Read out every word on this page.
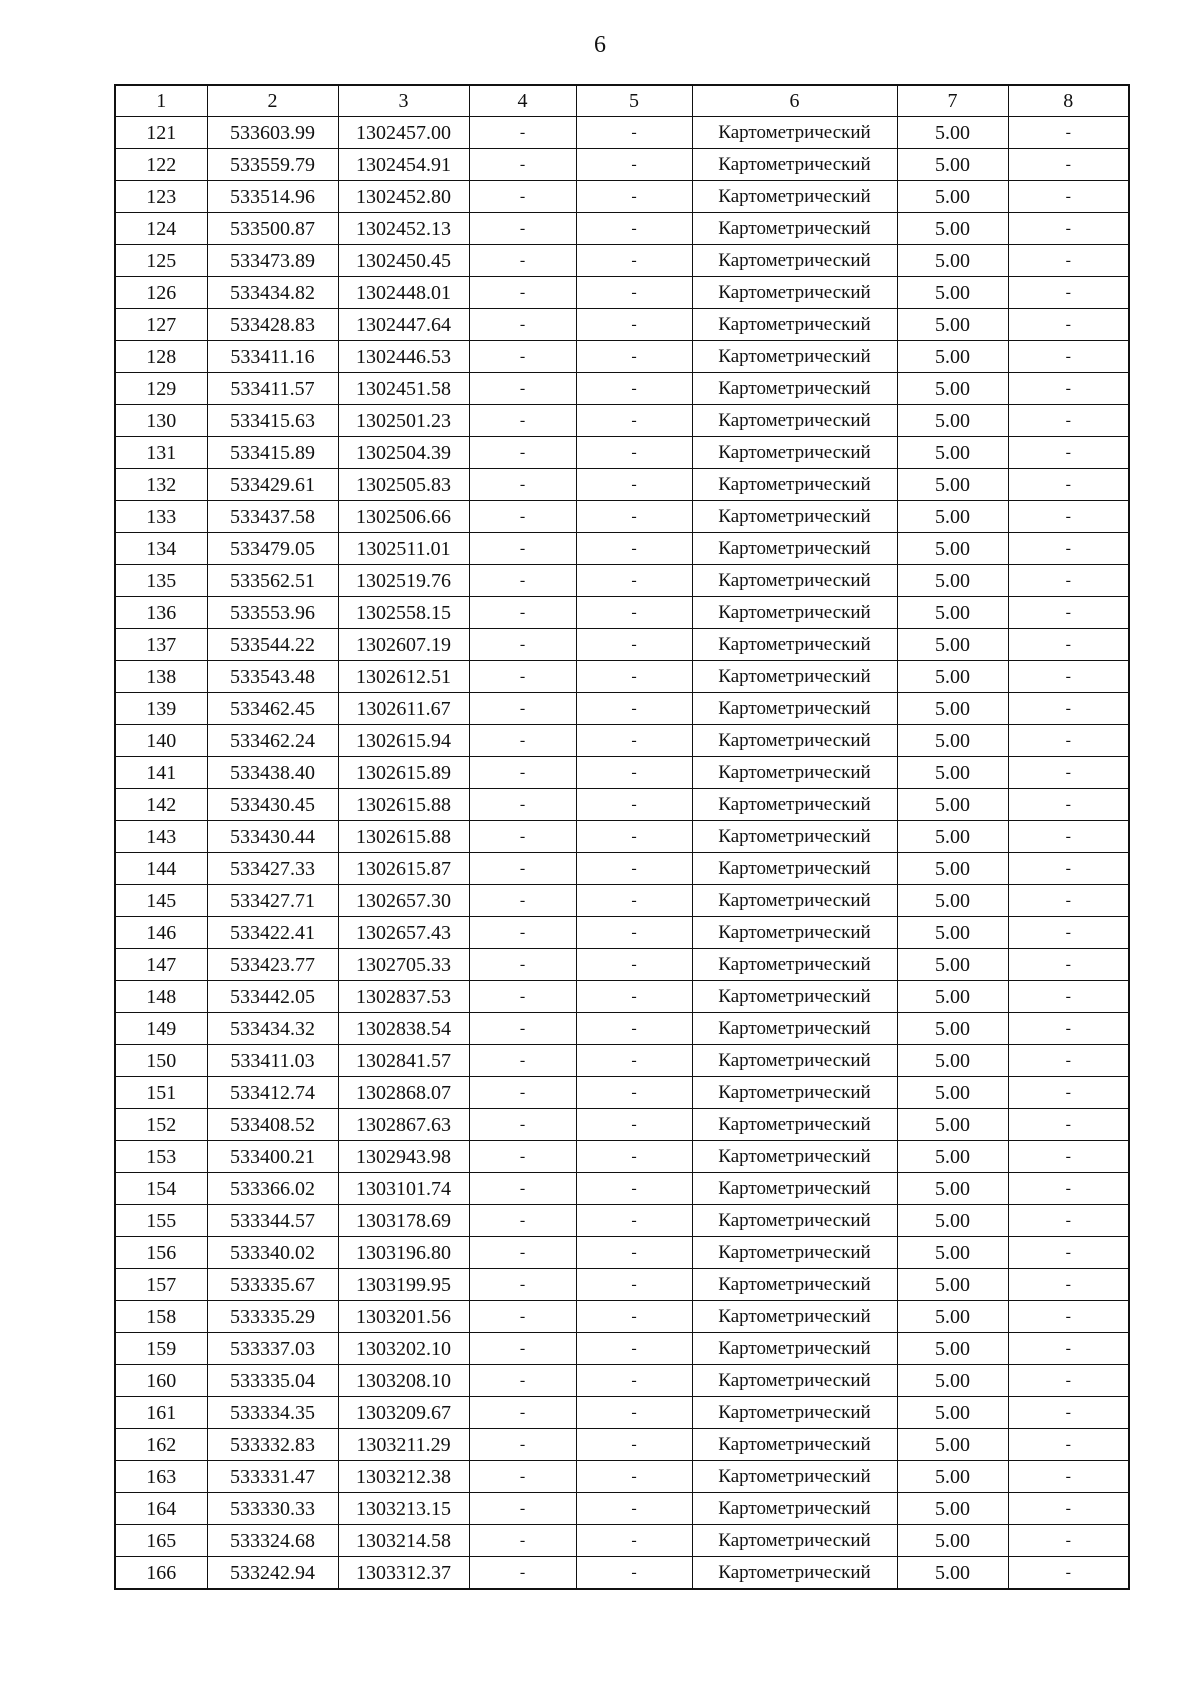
6
1	2	3	4	5	6	7	8
121	533603.99	1302457.00	-	-	Картометрический	5.00	-
122	533559.79	1302454.91	-	-	Картометрический	5.00	-
123	533514.96	1302452.80	-	-	Картометрический	5.00	-
124	533500.87	1302452.13	-	-	Картометрический	5.00	-
125	533473.89	1302450.45	-	-	Картометрический	5.00	-
126	533434.82	1302448.01	-	-	Картометрический	5.00	-
127	533428.83	1302447.64	-	-	Картометрический	5.00	-
128	533411.16	1302446.53	-	-	Картометрический	5.00	-
129	533411.57	1302451.58	-	-	Картометрический	5.00	-
130	533415.63	1302501.23	-	-	Картометрический	5.00	-
131	533415.89	1302504.39	-	-	Картометрический	5.00	-
132	533429.61	1302505.83	-	-	Картометрический	5.00	-
133	533437.58	1302506.66	-	-	Картометрический	5.00	-
134	533479.05	1302511.01	-	-	Картометрический	5.00	-
135	533562.51	1302519.76	-	-	Картометрический	5.00	-
136	533553.96	1302558.15	-	-	Картометрический	5.00	-
137	533544.22	1302607.19	-	-	Картометрический	5.00	-
138	533543.48	1302612.51	-	-	Картометрический	5.00	-
139	533462.45	1302611.67	-	-	Картометрический	5.00	-
140	533462.24	1302615.94	-	-	Картометрический	5.00	-
141	533438.40	1302615.89	-	-	Картометрический	5.00	-
142	533430.45	1302615.88	-	-	Картометрический	5.00	-
143	533430.44	1302615.88	-	-	Картометрический	5.00	-
144	533427.33	1302615.87	-	-	Картометрический	5.00	-
145	533427.71	1302657.30	-	-	Картометрический	5.00	-
146	533422.41	1302657.43	-	-	Картометрический	5.00	-
147	533423.77	1302705.33	-	-	Картометрический	5.00	-
148	533442.05	1302837.53	-	-	Картометрический	5.00	-
149	533434.32	1302838.54	-	-	Картометрический	5.00	-
150	533411.03	1302841.57	-	-	Картометрический	5.00	-
151	533412.74	1302868.07	-	-	Картометрический	5.00	-
152	533408.52	1302867.63	-	-	Картометрический	5.00	-
153	533400.21	1302943.98	-	-	Картометрический	5.00	-
154	533366.02	1303101.74	-	-	Картометрический	5.00	-
155	533344.57	1303178.69	-	-	Картометрический	5.00	-
156	533340.02	1303196.80	-	-	Картометрический	5.00	-
157	533335.67	1303199.95	-	-	Картометрический	5.00	-
158	533335.29	1303201.56	-	-	Картометрический	5.00	-
159	533337.03	1303202.10	-	-	Картометрический	5.00	-
160	533335.04	1303208.10	-	-	Картометрический	5.00	-
161	533334.35	1303209.67	-	-	Картометрический	5.00	-
162	533332.83	1303211.29	-	-	Картометрический	5.00	-
163	533331.47	1303212.38	-	-	Картометрический	5.00	-
164	533330.33	1303213.15	-	-	Картометрический	5.00	-
165	533324.68	1303214.58	-	-	Картометрический	5.00	-
166	533242.94	1303312.37	-	-	Картометрический	5.00	-
